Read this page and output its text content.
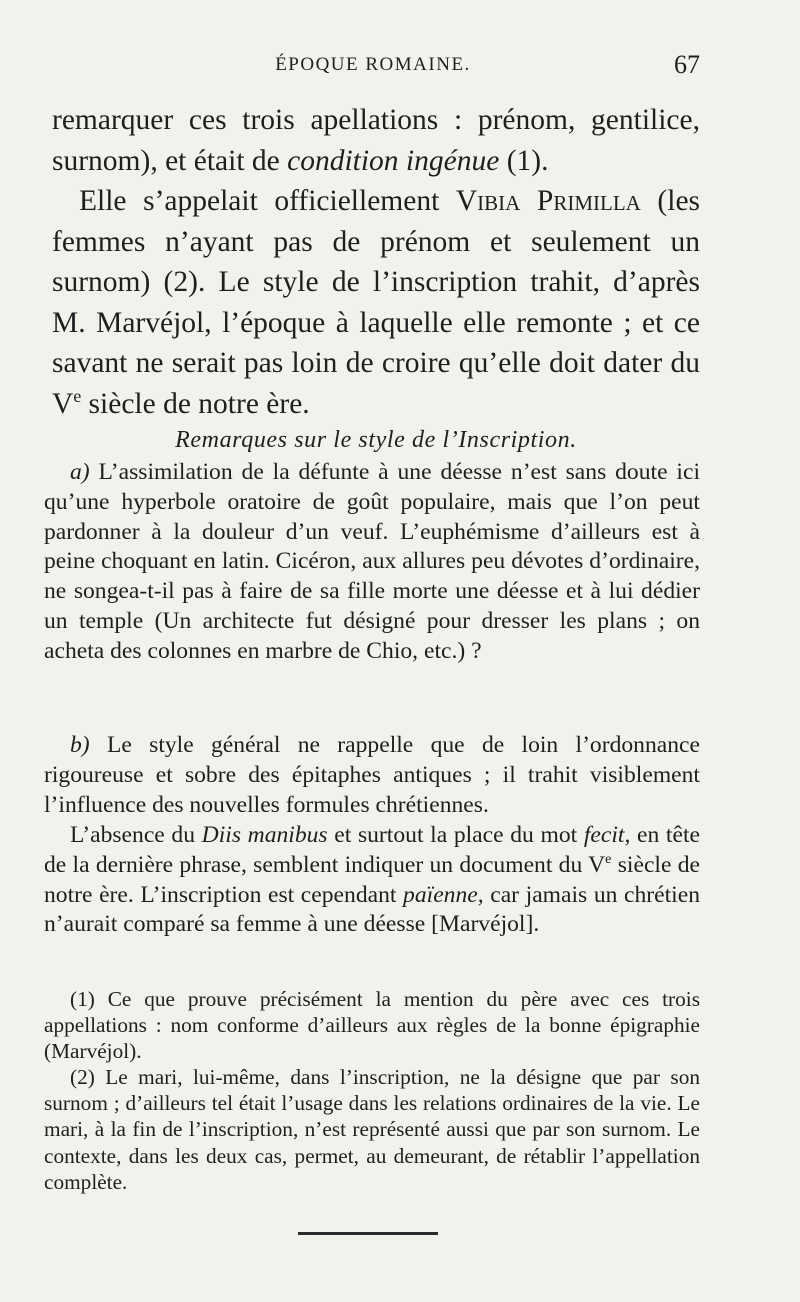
ÉPOQUE ROMAINE.	67

remarquer ces trois apellations : prénom, gentilice, surnom), et était de condition ingénue (1).

Elle s’appelait officiellement Vibia Primilla (les femmes n’ayant pas de prénom et seulement un surnom) (2). Le style de l’inscription trahit, d’après M. Marvéjol, l’époque à laquelle elle remonte ; et ce savant ne serait pas loin de croire qu’elle doit dater du Ve siècle de notre ère.

Remarques sur le style de l’Inscription.

a) L’assimilation de la défunte à une déesse n’est sans doute ici qu’une hyperbole oratoire de goût populaire, mais que l’on peut pardonner à la douleur d’un veuf. L’euphémisme d’ailleurs est à peine choquant en latin. Cicéron, aux allures peu dévotes d’ordinaire, ne songea-t-il pas à faire de sa fille morte une déesse et à lui dédier un temple (Un architecte fut désigné pour dresser les plans ; on acheta des colonnes en marbre de Chio, etc.) ?

b) Le style général ne rappelle que de loin l’ordonnance rigoureuse et sobre des épitaphes antiques ; il trahit visiblement l’influence des nouvelles formules chrétiennes.

L’absence du Diis manibus et surtout la place du mot fecit, en tête de la dernière phrase, semblent indiquer un document du Ve siècle de notre ère. L’inscription est cependant païenne, car jamais un chrétien n’aurait comparé sa femme à une déesse [Marvéjol].

(1) Ce que prouve précisément la mention du père avec ces trois appellations : nom conforme d’ailleurs aux règles de la bonne épigraphie (Marvéjol).

(2) Le mari, lui-même, dans l’inscription, ne la désigne que par son surnom ; d’ailleurs tel était l’usage dans les relations ordinaires de la vie. Le mari, à la fin de l’inscription, n’est représenté aussi que par son surnom. Le contexte, dans les deux cas, permet, au demeurant, de rétablir l’appellation complète.
